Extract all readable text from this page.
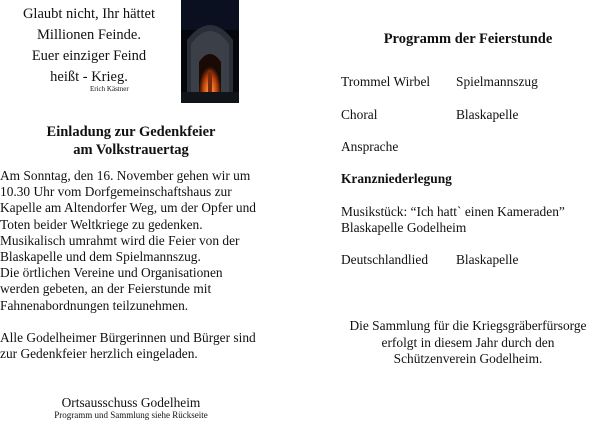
Glaubt nicht, Ihr hättet
Millionen Feinde.
Euer einziger Feind
heißt - Krieg.
Erich Kästner
Einladung zur Gedenkfeier
am Volkstrauertag

Am Sonntag, den 16. November gehen wir um 10.30 Uhr vom Dorfgemeinschaftshaus zur Kapelle am Altendorfer Weg, um der Opfer und Toten beider Weltkriege zu gedenken. Musikalisch umrahmt wird die Feier von der Blaskapelle und dem Spielmannszug.

Die örtlichen Vereine und Organisationen werden gebeten, an der Feierstunde mit Fahnenabordnungen teilzunehmen.

Alle Godelheimer Bürgerinnen und Bürger sind zur Gedenkfeier herzlich eingeladen.

Ortsausschuss Godelheim
Programm und Sammlung siehe Rückseite
Programm der Feierstunde
Trommel Wirbel Spielmannszug
Choral	Blaskapelle
Ansprache
Kranzniederlegung
Musikstück: “Ich hatt` einen Kameraden”
Blaskapelle Godelheim
Deutschlandlied Blaskapelle
Die Sammlung für die Kriegsgräberfürsorge
erfolgt in diesem Jahr durch den
Schützenverein Godelheim.
